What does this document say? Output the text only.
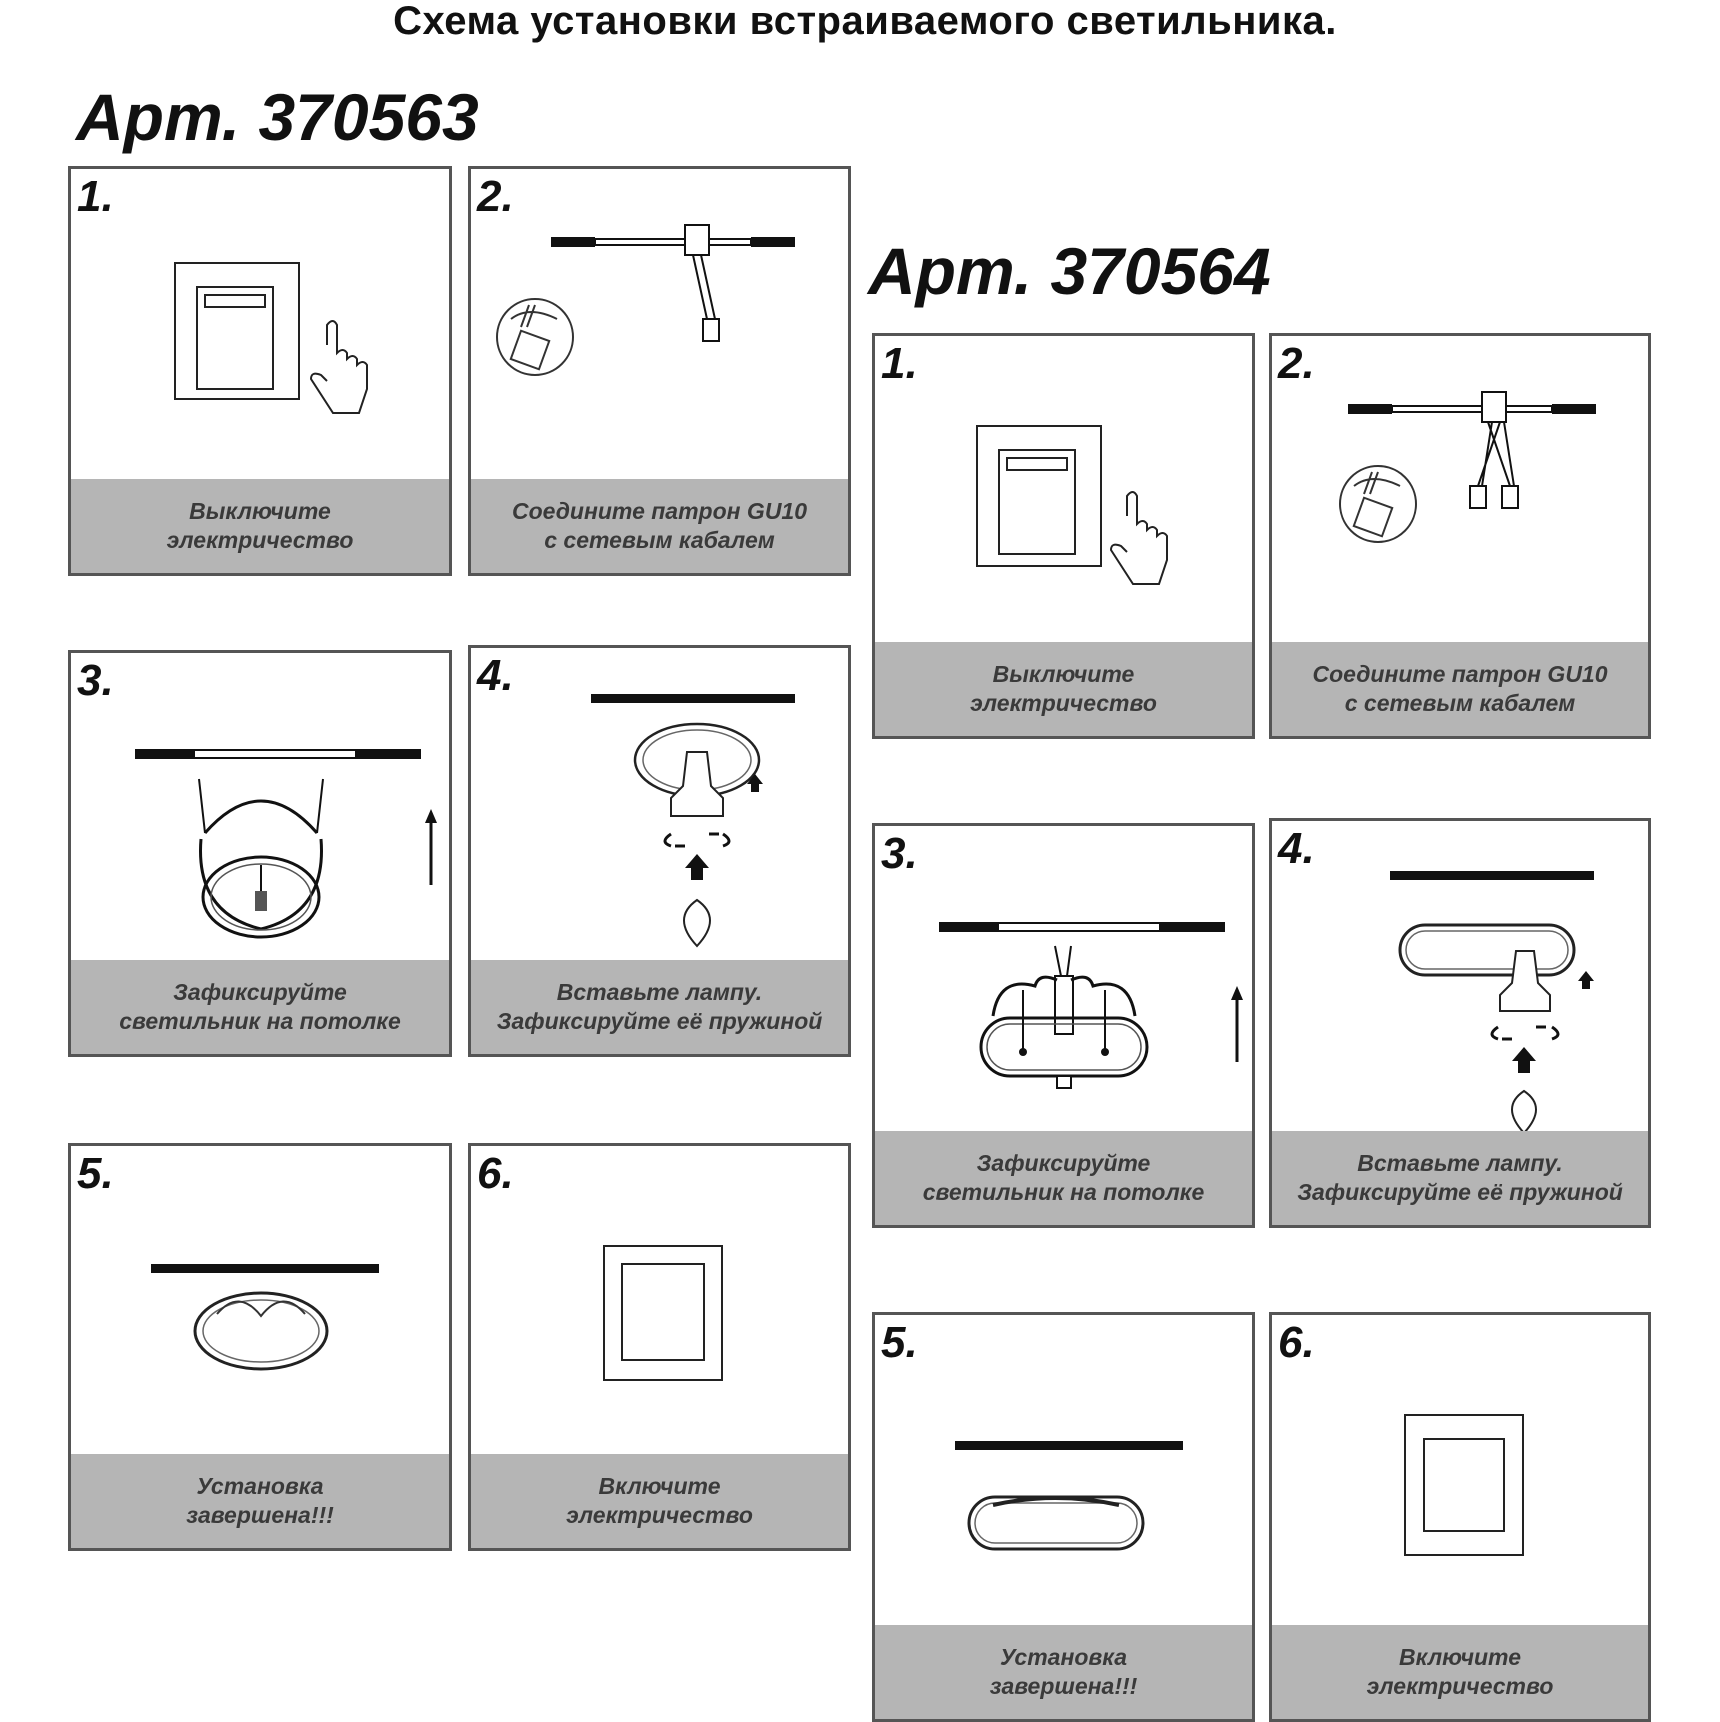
Схема установки встраиваемого светильника.
Арт. 370563
1.
Выключите
электричество
2.
Соедините патрон GU10
с сетевым кабалем
3.
Зафиксируйте
светильник на потолке
4.
Вставьте лампу.
Зафиксируйте её пружиной
5.
Установка
завершена!!!
6.
Включите
электричество
Арт. 370564
1.
Выключите
электричество
2.
Соедините патрон GU10
с сетевым кабалем
3.
Зафиксируйте
светильник на потолке
4.
Вставьте лампу.
Зафиксируйте её пружиной
5.
Установка
завершена!!!
6.
Включите
электричество
